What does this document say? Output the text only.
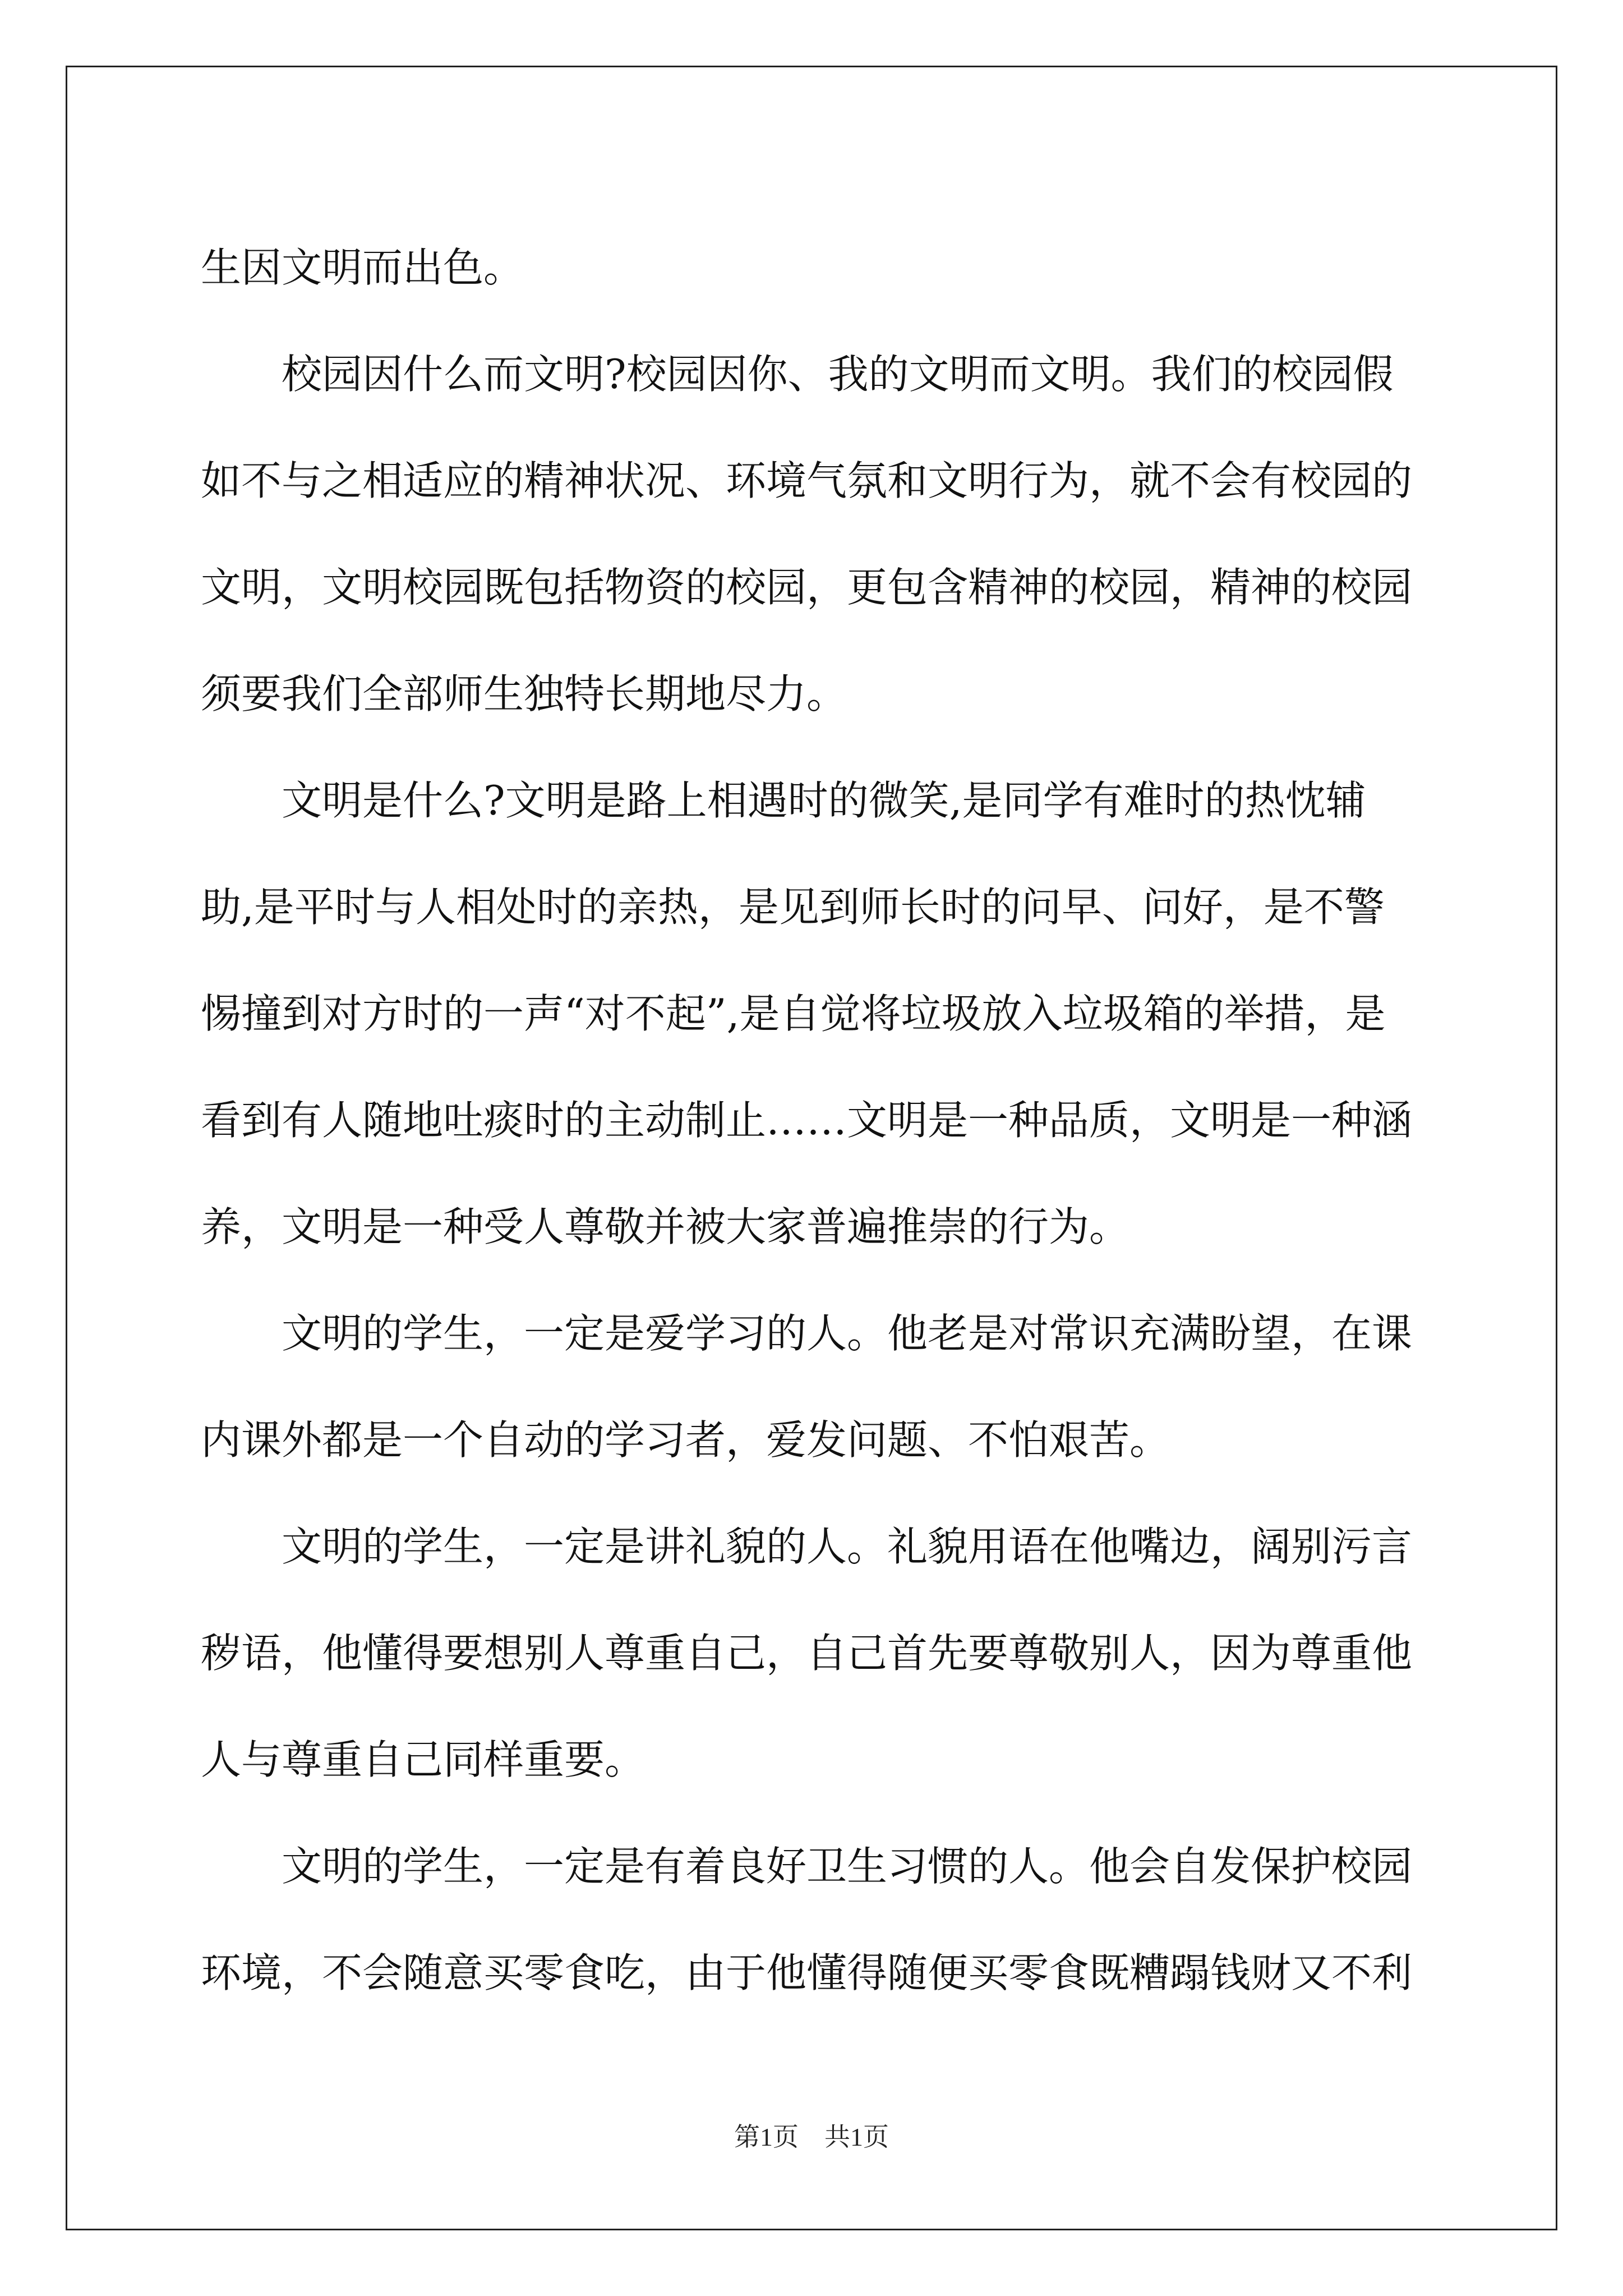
生因文明而出色。

校园因什么而文明?校园因你、我的文明而文明。我们的校园假如不与之相适应的精神状况、环境气氛和文明行为，就不会有校园的文明，文明校园既包括物资的校园，更包含精神的校园，精神的校园须要我们全部师生独特长期地尽力。

文明是什么?文明是路上相遇时的微笑,是同学有难时的热忱辅助,是平时与人相处时的亲热，是见到师长时的问早、问好，是不警惕撞到对方时的一声“对不起”,是自觉将垃圾放入垃圾箱的举措，是看到有人随地吐痰时的主动制止……文明是一种品质，文明是一种涵养，文明是一种受人尊敬并被大家普遍推崇的行为。

文明的学生，一定是爱学习的人。他老是对常识充满盼望，在课内课外都是一个自动的学习者，爱发问题、不怕艰苦。

文明的学生，一定是讲礼貌的人。礼貌用语在他嘴边，阔别污言秽语，他懂得要想别人尊重自己，自己首先要尊敬别人，因为尊重他人与尊重自己同样重要。

文明的学生，一定是有着良好卫生习惯的人。他会自发保护校园环境，不会随意买零食吃，由于他懂得随便买零食既糟蹋钱财又不利

第1页　共1页
